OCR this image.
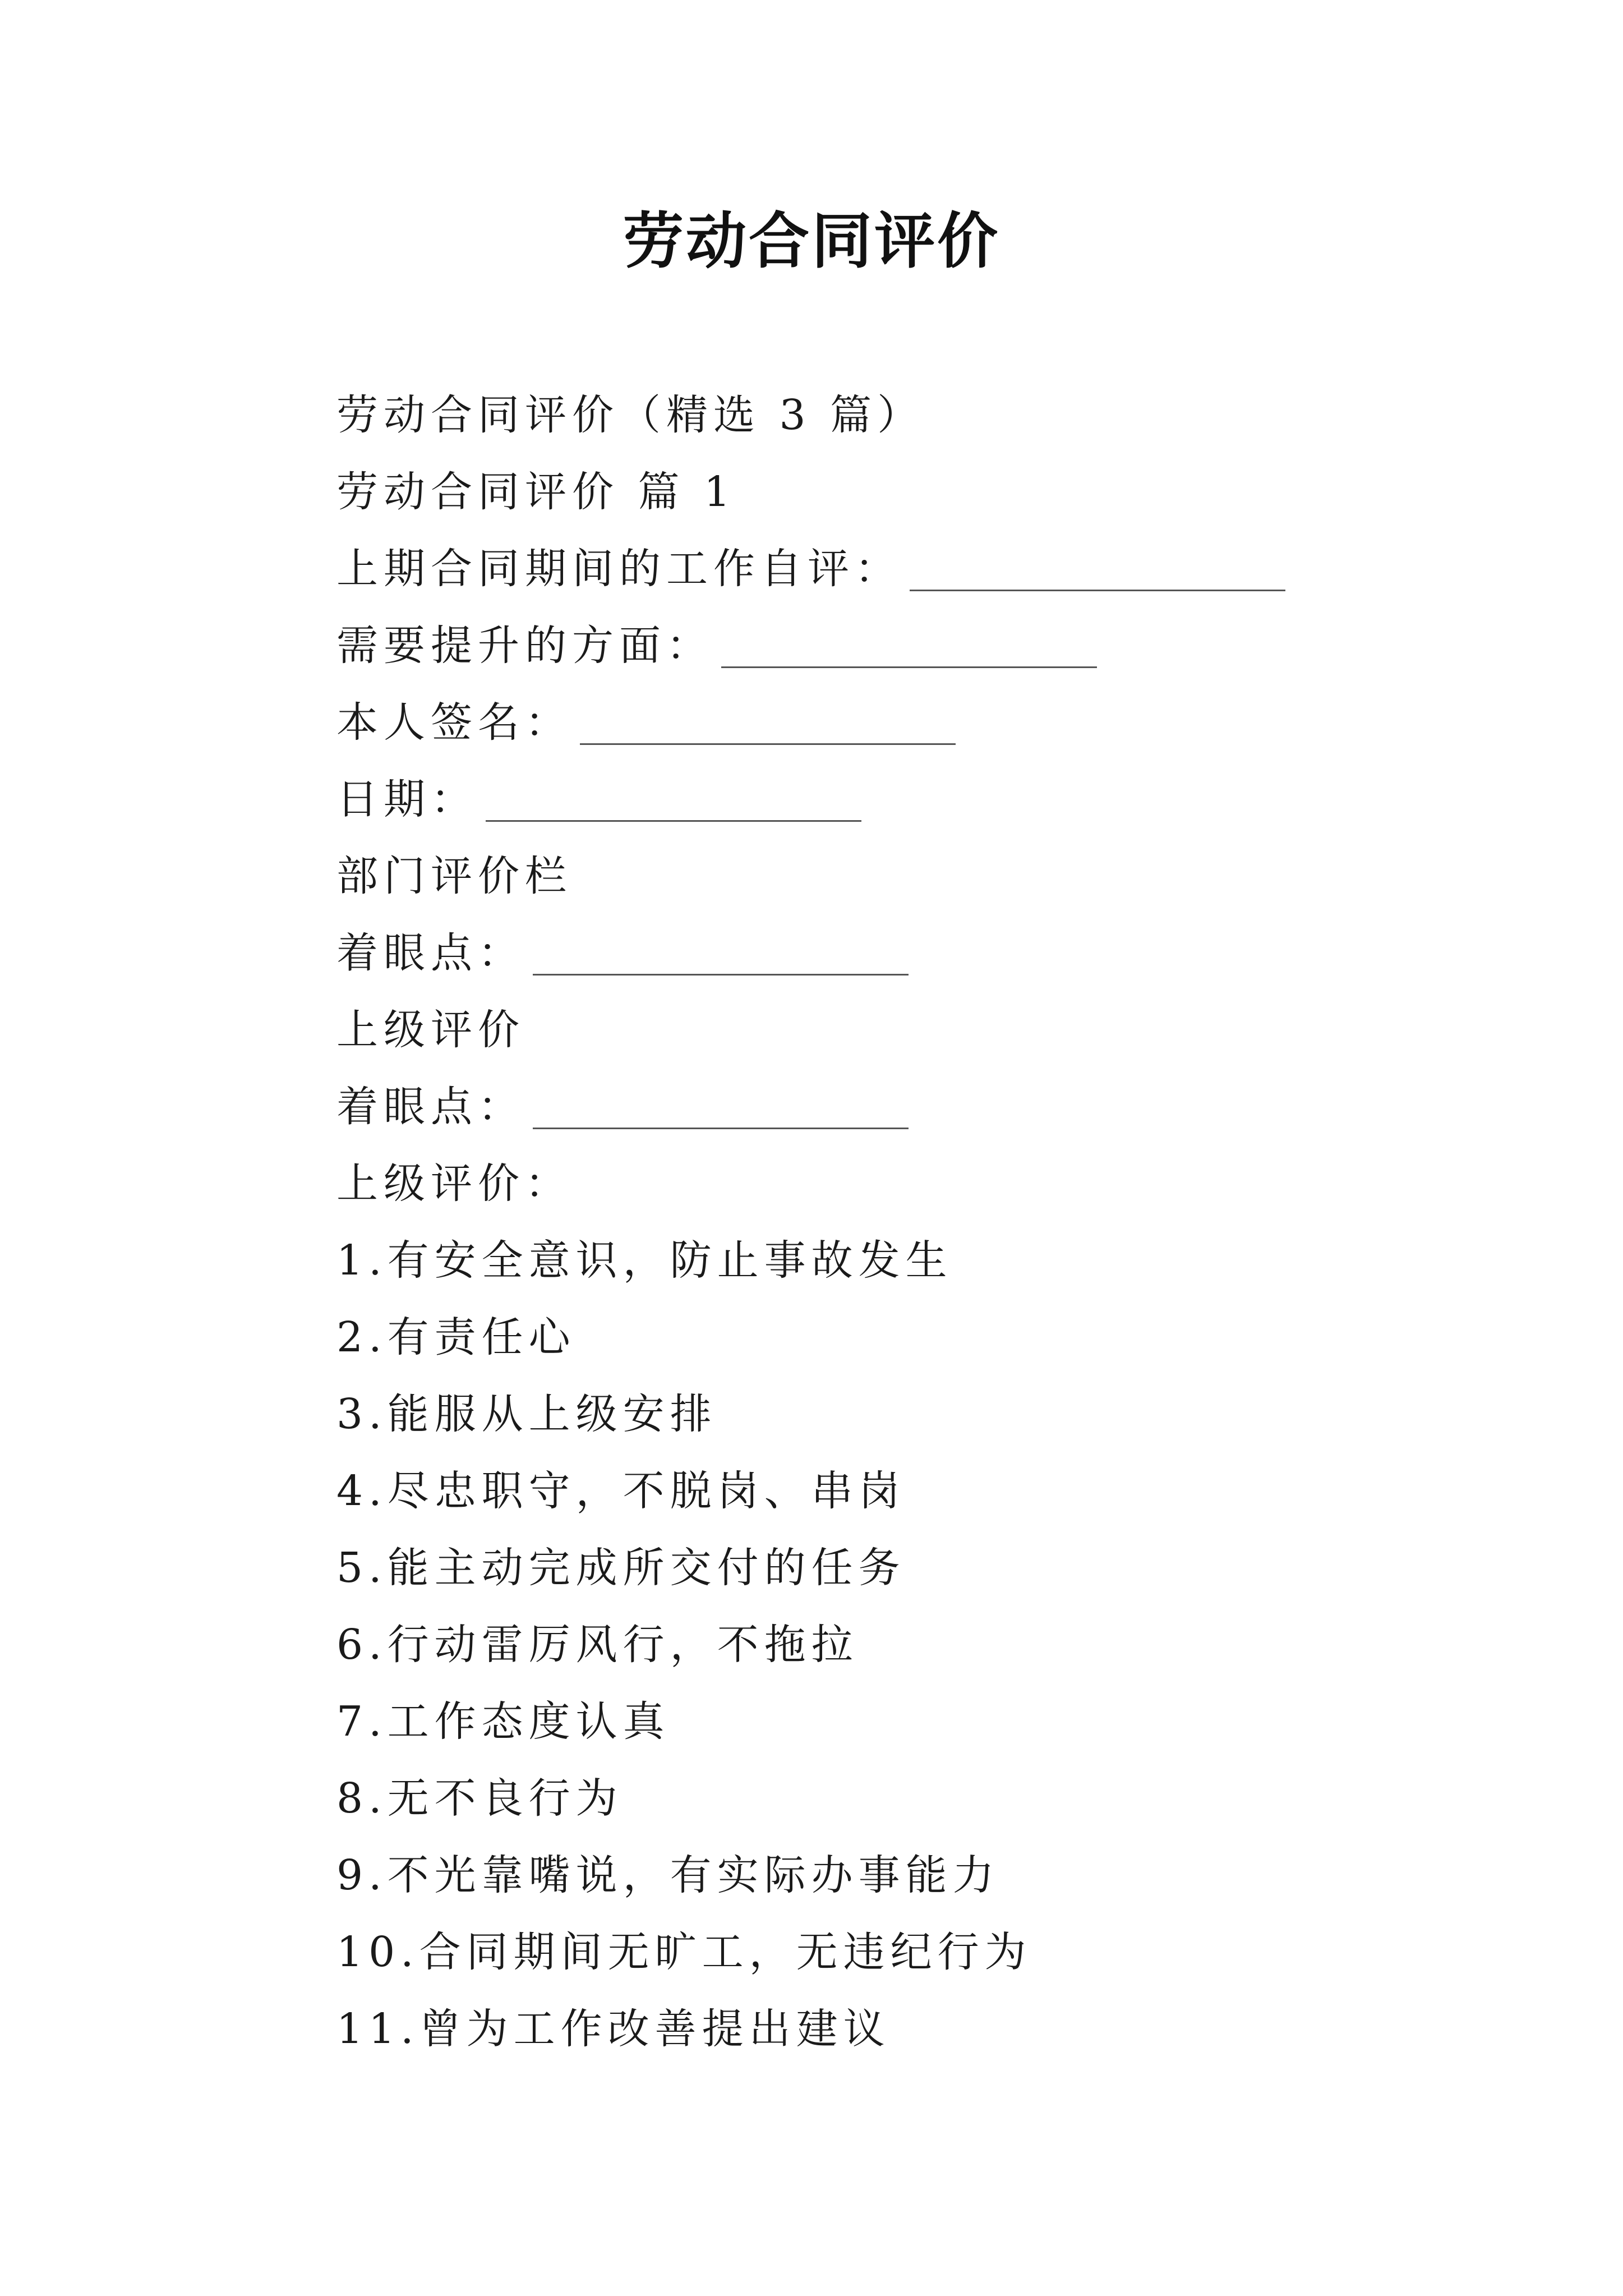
劳动合同评价
劳动合同评价（精选 3 篇）
劳动合同评价 篇 1
上期合同期间的工作自评：
需要提升的方面：
本人签名：
日期：
部门评价栏
着眼点：
上级评价
着眼点：
上级评价：
1.有安全意识，防止事故发生
2.有责任心
3.能服从上级安排
4.尽忠职守，不脱岗、串岗
5.能主动完成所交付的任务
6.行动雷厉风行，不拖拉
7.工作态度认真
8.无不良行为
9.不光靠嘴说，有实际办事能力
10.合同期间无旷工，无违纪行为
11.曾为工作改善提出建议
